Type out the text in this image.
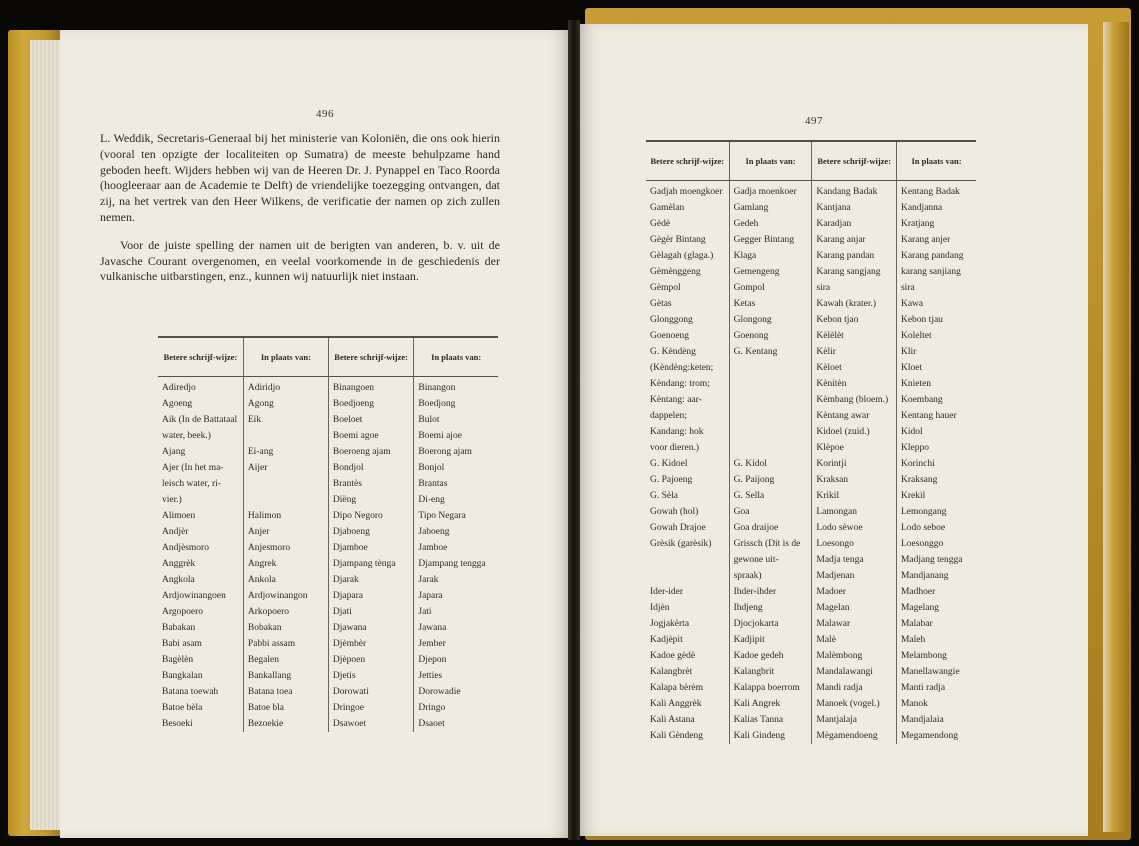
496
497

L. Weddik, Secretaris-Generaal bij het ministerie van Koloniën, die ons ook hierin (vooral ten opzigte der localiteiten op Sumatra) de meeste behulpzame hand geboden heeft. Wijders hebben wij van de Heeren Dr. J. Pynappel en Taco Roorda (hoogleeraar aan de Academie te Delft) de vriendelijke toezegging ontvangen, dat zij, na het vertrek van den Heer Wilkens, de verificatie der namen op zich zullen nemen.

Voor de juiste spelling der namen uit de berigten van anderen, b. v. uit de Javasche Courant overgenomen, en veelal voorkomende in de geschiedenis der vulkanische uitbarstingen, enz., kunnen wij natuurlijk niet instaan.

Betere schrijf-wijze:	In plaats van:	Betere schrijf-wijze:	In plaats van:
Adiredjo	Adiridjo	Binangoen	Binangon
Agoeng	Agong	Boedjoeng	Boedjong
Aik (In de Battataal	Eik	Boeloet	Bulot
water, beek.)		Boemi agoe	Boemi ajoe
Ajang	Ei-ang	Boeroeng ajam	Boerong ajam
Ajer (In het ma-	Aijer	Bondjol	Bonjol
leisch water, ri-		Brantès	Brantas
vier.)		Diëng	Di-eng
Alimoen	Halimon	Dipo Negoro	Tipo Negara
Andjèr	Anjer	Djaboeng	Jaboeng
Andjèsmoro	Anjesmoro	Djamboe	Jamboe
Anggrèk	Angrek	Djampang tènga	Djampang tengga
Angkola	Ankola	Djarak	Jarak
Ardjowinangoen	Ardjowinangon	Djapara	Japara
Argopoero	Arkopoero	Djati	Jati
Babakan	Bobakan	Djawana	Jawana
Babi asam	Pabbi assam	Djèmbèr	Jember
Bagèlèn	Begalen	Djèpoen	Djepon
Bangkalan	Bankallang	Djetis	Jetties
Batana toewah	Batana toea	Dorowati	Dorowadie
Batoe bèla	Batoe bla	Dringoe	Dringo
Besoeki	Bezoekie	Dsawoet	Dsaoet
Betere schrijf-wijze:	In plaats van:	Betere schrijf-wijze:	In plaats van:
Gadjah moengkoer	Gadja moenkoer	Kandang Badak	Kentang Badak
Gamèlan	Gamlang	Kantjana	Kandjanna
Gèdè	Gedeh	Karadjan	Kratjang
Gègèr Bintang	Gegger Bintang	Karang anjar	Karang anjer
Gèlagah (glaga.)	Klaga	Karang pandan	Karang pandang
Gèmènggeng	Gemengeng	Karang sangjang	karang sanjiang
Gèmpol	Gompol	sira	sira
Gètas	Ketas	Kawah (krater.)	Kawa
Glonggong	Glongong	Kebon tjao	Kebon tjau
Goenoeng	Goenong	Kèlèlèt	Koleltet
G. Kèndèng	G. Kentang	Kèlir	Klir
(Kèndèng:keten;		Kèloet	Kloet
Kèndang: trom;		Kènitèn	Knieten
Kèntang: aar-		Kèmbang (bloem.)	Koembang
dappelen;		Kèntang awar	Kentang hauer
Kandang: hok		Kidoel (zuid.)	Kidol
voor dieren.)		Klèpoe	Kleppo
G. Kidoel	G. Kidol	Korintji	Korinchi
G. Pajoeng	G. Paijong	Kraksan	Kraksang
G. Sèla	G. Sella	Krikil	Krekil
Gowah (hol)	Goa	Lamongan	Lemongang
Gowah Drajoe	Goa draijoe	Lodo sèwoe	Lodo seboe
Grèsik (garèsik)	Grissch (Dit is de	Loesongo	Loesonggo
	gewone uit-	Madja tenga	Madjang tengga
	spraak)	Madjenan	Mandjanang
Ider-ider	Ihder-ihder	Madoer	Madhoer
Idjèn	Ihdjeng	Magelan	Magelang
Jogjakèrta	Djocjokarta	Malawar	Malabar
Kadjèpit	Kadjipit	Malè	Maleh
Kadoe gèdè	Kadoe gedeh	Malèmbong	Melambong
Kalangbrèt	Kalangbrit	Mandalawangi	Manellawangie
Kalapa bèrèm	Kalappa boerrom	Mandi radja	Manti radja
Kali Anggrèk	Kali Angrek	Manoek (vogel.)	Manok
Kali Astana	Kalias Tanna	Mantjalaja	Mandjalaia
Kali Gèndeng	Kali Gindeng	Mègamendoeng	Megamendong
